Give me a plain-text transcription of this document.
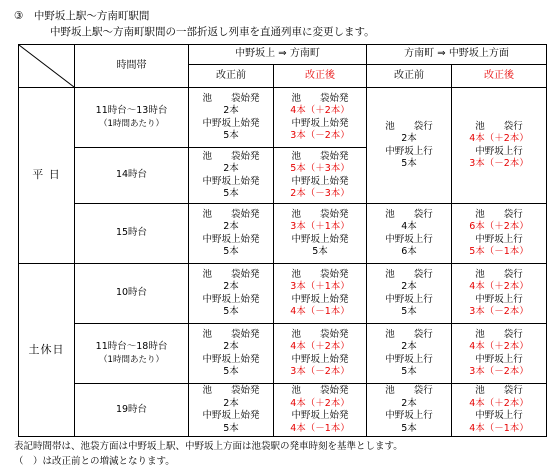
③　中野坂上駅～方南町駅間
中野坂上駅～方南町駅間の一部折返し列車を直通列車に変更します。
	時間帯	中野坂上 ⇒ 方南町		方南町 ⇒ 中野坂上方面	
		改正前	改正後	改正前	改正後
平 日	11時台～13時台
（1時間あたり）	池　　袋始発
2本
中野坂上始発
5本	池　　袋始発
4本（＋2本）
中野坂上始発
3本（－2本）	池　　袋行
2本
中野坂上行
5本	池　　袋行
4本（＋2本）
中野坂上行
3本（－2本）

	14時台	池　　袋始発
2本
中野坂上始発
5本	池　　袋始発
5本（＋3本）
中野坂上始発
2本（－3本）		

	15時台	池　　袋始発
2本
中野坂上始発
5本	池　　袋始発
3本（＋1本）
中野坂上始発
5本	池　　袋行
4本
中野坂上行
6本	池　　袋行
6本（＋2本）
中野坂上行
5本（－1本）

土休日	10時台	池　　袋始発
2本
中野坂上始発
5本	池　　袋始発
3本（＋1本）
中野坂上始発
4本（－1本）	池　　袋行
2本
中野坂上行
5本	池　　袋行
4本（＋2本）
中野坂上行
3本（－2本）

	11時台～18時台
（1時間あたり）	池　　袋始発
2本
中野坂上始発
5本	池　　袋始発
4本（＋2本）
中野坂上始発
3本（－2本）	池　　袋行
2本
中野坂上行
5本	池　　袋行
4本（＋2本）
中野坂上行
3本（－2本）

	19時台	池　　袋始発
2本
中野坂上始発
5本	池　　袋始発
4本（＋2本）
中野坂上始発
4本（－1本）	池　　袋行
2本
中野坂上行
5本	池　　袋行
4本（＋2本）
中野坂上行
4本（－1本）
表記時間帯は、池袋方面は中野坂上駅、中野坂上方面は池袋駅の発車時刻を基準とします。
（　）は改正前との増減となります。
